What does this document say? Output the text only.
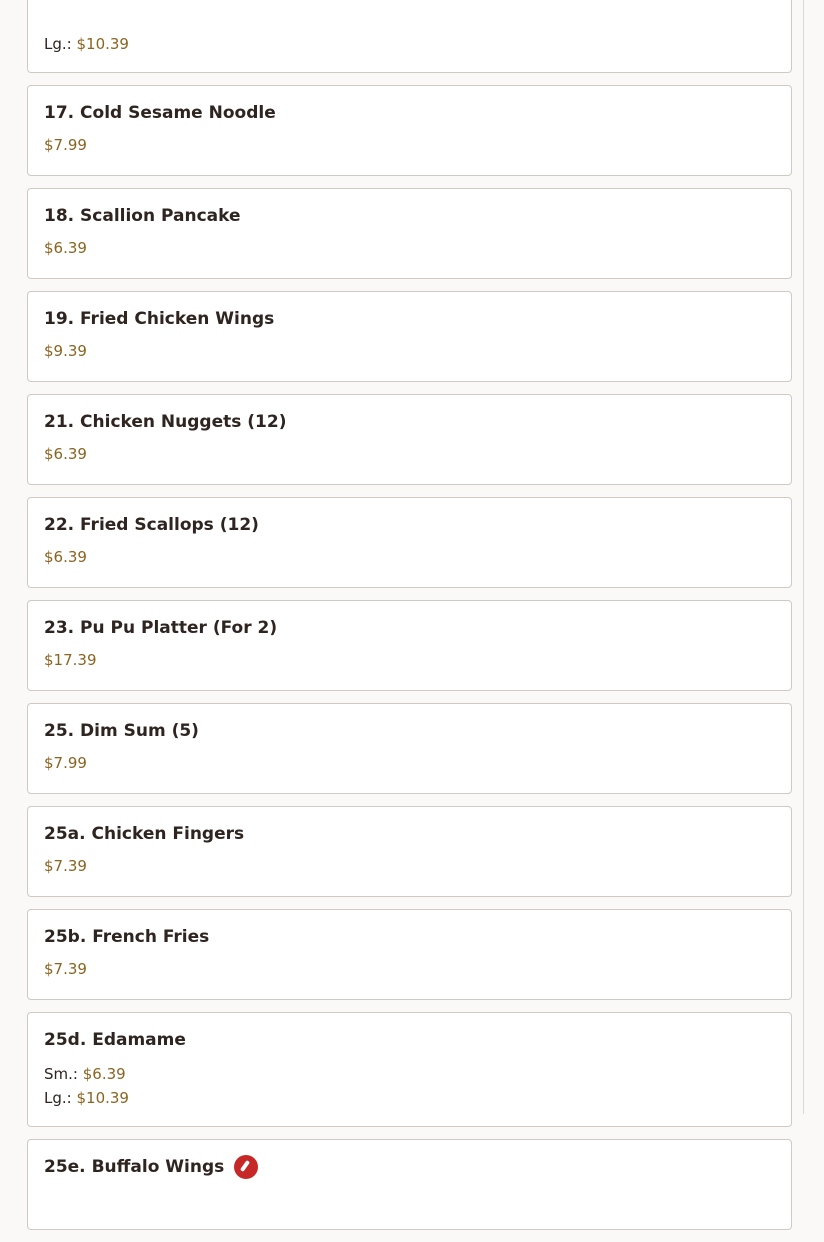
Lg.: $10.39
17. Cold Sesame Noodle
$7.99
18. Scallion Pancake
$6.39
19. Fried Chicken Wings
$9.39
21. Chicken Nuggets (12)
$6.39
22. Fried Scallops (12)
$6.39
23. Pu Pu Platter (For 2)
$17.39
25. Dim Sum (5)
$7.99
25a. Chicken Fingers
$7.39
25b. French Fries
$7.39
25d. Edamame
Sm.: $6.39
Lg.: $10.39
25e. Buffalo Wings
